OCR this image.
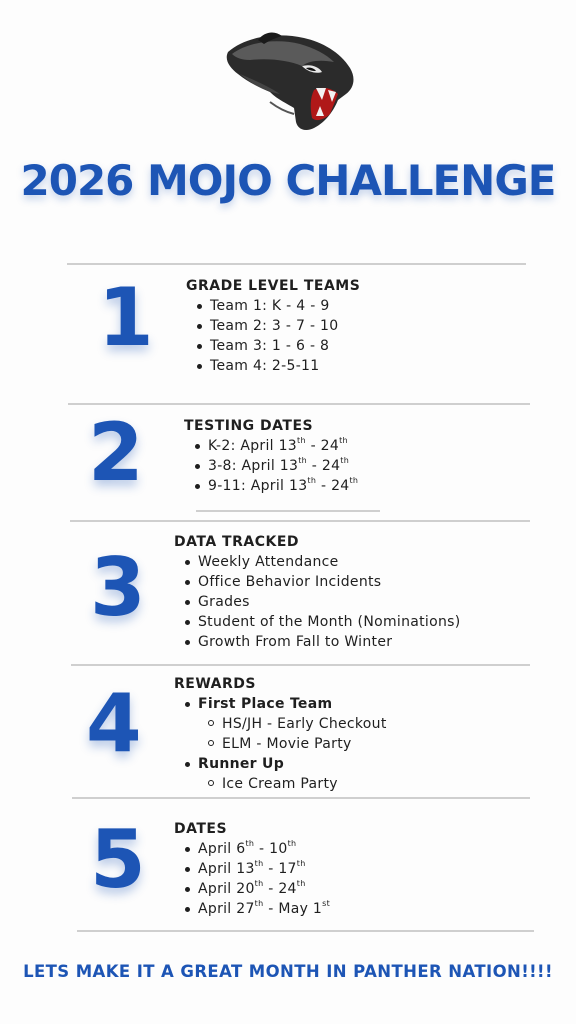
2026 MOJO CHALLENGE
1 GRADE LEVEL TEAMS
Team 1: K - 4 - 9
Team 2: 3 - 7 - 10
Team 3: 1 - 6 - 8
Team 4: 2-5-11
2	TESTING DATES
K-2: April 13th - 24th
3-8: April 13th - 24th
9-11: April 13th - 24th
3 DATA TRACKED
Weekly Attendance
Office Behavior Incidents
Grades
Student of the Month (Nominations)
Growth From Fall to Winter
4 REWARDS
First Place Team
HS/JH - Early Checkout
ELM - Movie Party
Runner Up
Ice Cream Party
5 DATES
April 6th - 10th
April 13th - 17th
April 20th - 24th
April 27th - May 1st
LETS MAKE IT A GREAT MONTH IN PANTHER NATION!!!!
